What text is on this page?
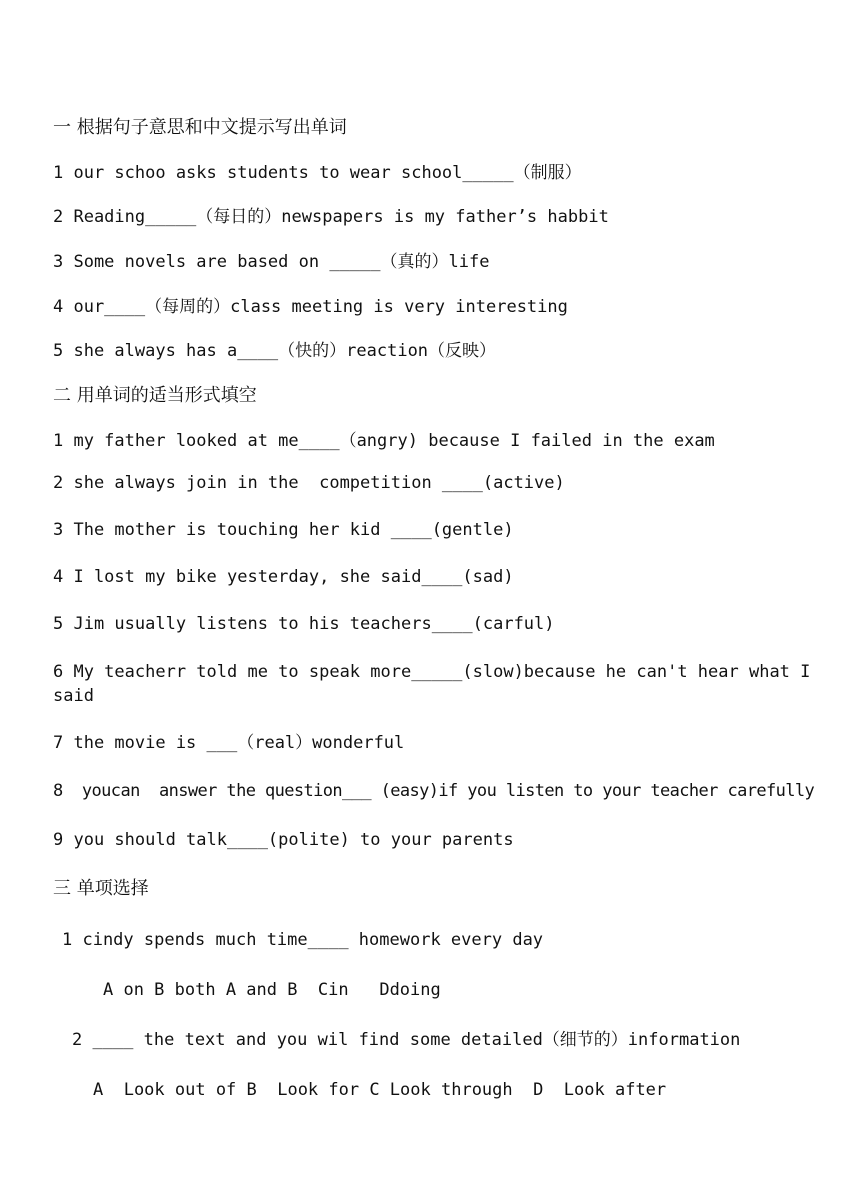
一 根据句子意思和中文提示写出单词
1 our schoo asks students to wear school_____（制服）
2 Reading_____（每日的）newspapers is my father’s habbit
3 Some novels are based on _____（真的）life
4 our____（每周的）class meeting is very interesting
5 she always has a____（快的）reaction（反映）
二 用单词的适当形式填空
1 my father looked at me____（angry) because I failed in the exam
2 she always join in the  competition ____(active)
3 The mother is touching her kid ____(gentle)
4 I lost my bike yesterday, she said____(sad)
5 Jim usually listens to his teachers____(carful)
6 My teacherr told me to speak more_____(slow)because he can't hear what I said
7 the movie is ___（real）wonderful
8  youcan  answer the question___ (easy)if you listen to your teacher carefully
9 you should talk____(polite) to your parents
三 单项选择
1 cindy spends much time____ homework every day
A on B both A and B  Cin   Ddoing
2 ____ the text and you wil find some detailed（细节的）information
A  Look out of B  Look for C Look through  D  Look after
